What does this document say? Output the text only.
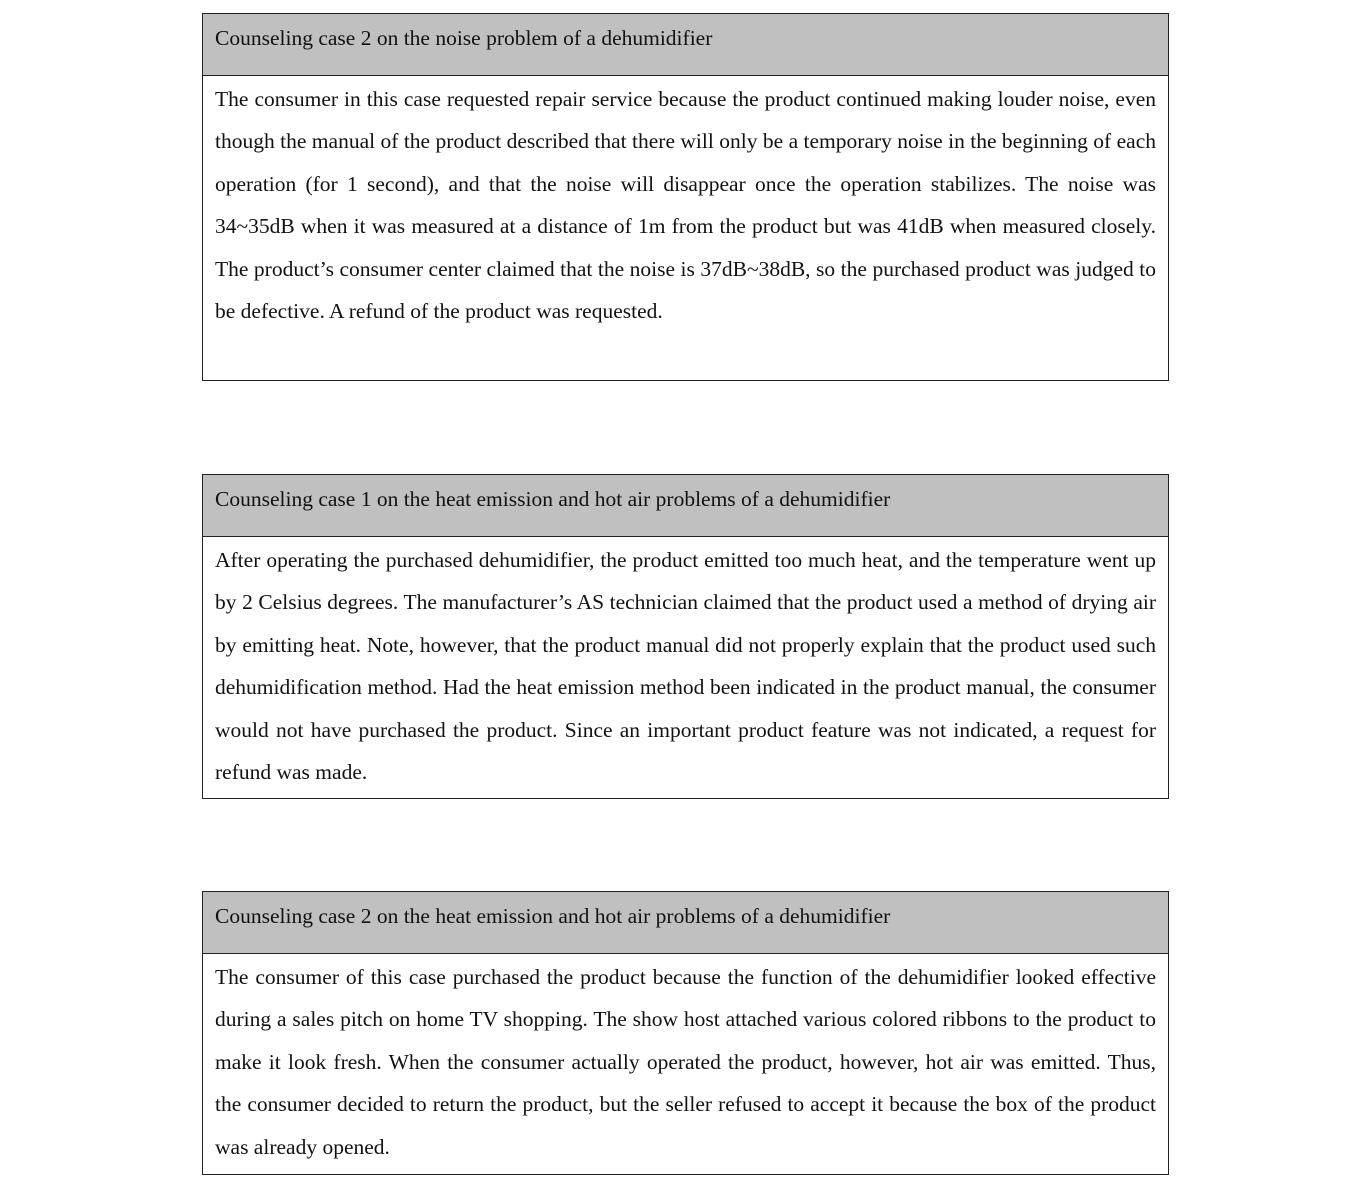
Counseling case 2 on the noise problem of a dehumidifier
The consumer in this case requested repair service because the product continued making louder noise, even though the manual of the product described that there will only be a temporary noise in the beginning of each operation (for 1 second), and that the noise will disappear once the operation stabilizes. The noise was 34~35dB when it was measured at a distance of 1m from the product but was 41dB when measured closely. The product’s consumer center claimed that the noise is 37dB~38dB, so the purchased product was judged to be defective. A refund of the product was requested.
Counseling case 1 on the heat emission and hot air problems of a dehumidifier
After operating the purchased dehumidifier, the product emitted too much heat, and the temperature went up by 2 Celsius degrees. The manufacturer’s AS technician claimed that the product used a method of drying air by emitting heat. Note, however, that the product manual did not properly explain that the product used such dehumidification method. Had the heat emission method been indicated in the product manual, the consumer would not have purchased the product. Since an important product feature was not indicated, a request for refund was made.
Counseling case 2 on the heat emission and hot air problems of a dehumidifier
The consumer of this case purchased the product because the function of the dehumidifier looked effective during a sales pitch on home TV shopping. The show host attached various colored ribbons to the product to make it look fresh. When the consumer actually operated the product, however, hot air was emitted. Thus, the consumer decided to return the product, but the seller refused to accept it because the box of the product was already opened.
